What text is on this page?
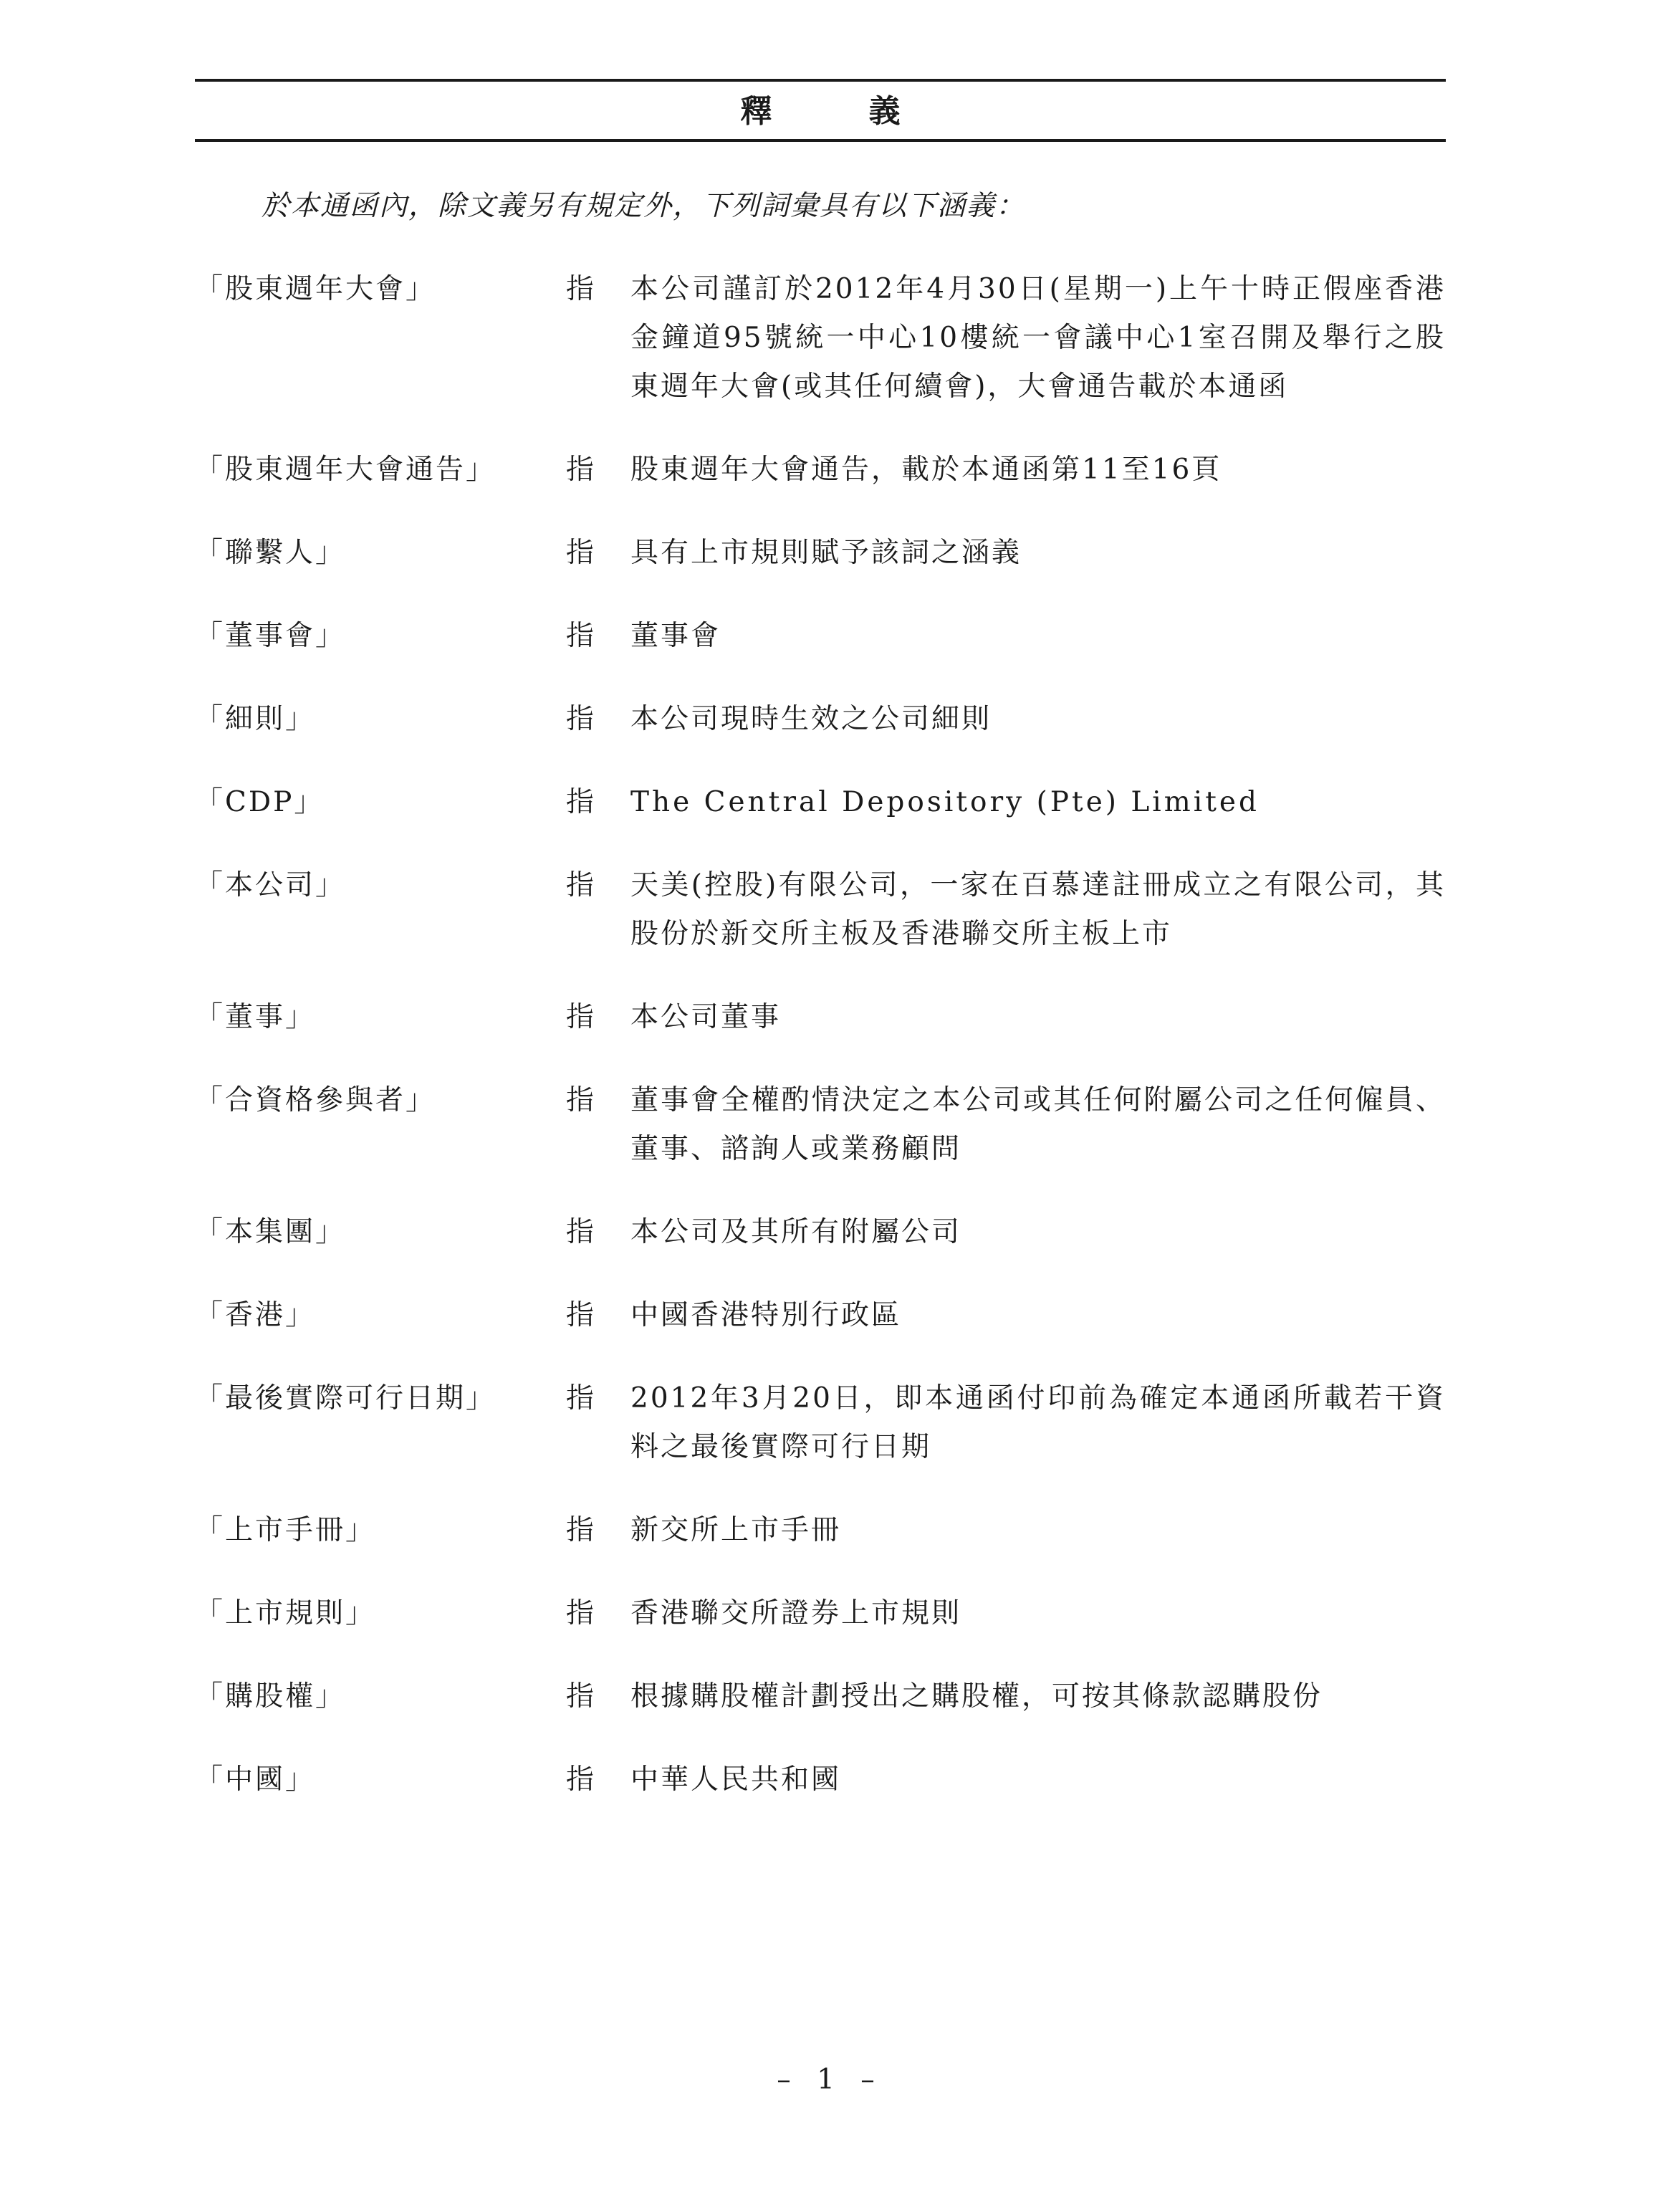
釋 義
於本通函內，除文義另有規定外，下列詞彙具有以下涵義：
「股東週年大會」	指	本公司謹訂於2012年4月30日(星期一)上午十時正假座香港金鐘道95號統一中心10樓統一會議中心1室召開及舉行之股東週年大會(或其任何續會)，大會通告載於本通函
「股東週年大會通告」	指	股東週年大會通告，載於本通函第11至16頁
「聯繫人」	指	具有上市規則賦予該詞之涵義
「董事會」	指	董事會
「細則」	指	本公司現時生效之公司細則
「CDP」	指	The Central Depository (Pte) Limited
「本公司」	指	天美(控股)有限公司，一家在百慕達註冊成立之有限公司，其股份於新交所主板及香港聯交所主板上市
「董事」	指	本公司董事
「合資格參與者」	指	董事會全權酌情決定之本公司或其任何附屬公司之任何僱員、董事、諮詢人或業務顧問
「本集團」	指	本公司及其所有附屬公司
「香港」	指	中國香港特別行政區
「最後實際可行日期」	指	2012年3月20日，即本通函付印前為確定本通函所載若干資料之最後實際可行日期
「上市手冊」	指	新交所上市手冊
「上市規則」	指	香港聯交所證券上市規則
「購股權」	指	根據購股權計劃授出之購股權，可按其條款認購股份
「中國」	指	中華人民共和國
– 1 –
